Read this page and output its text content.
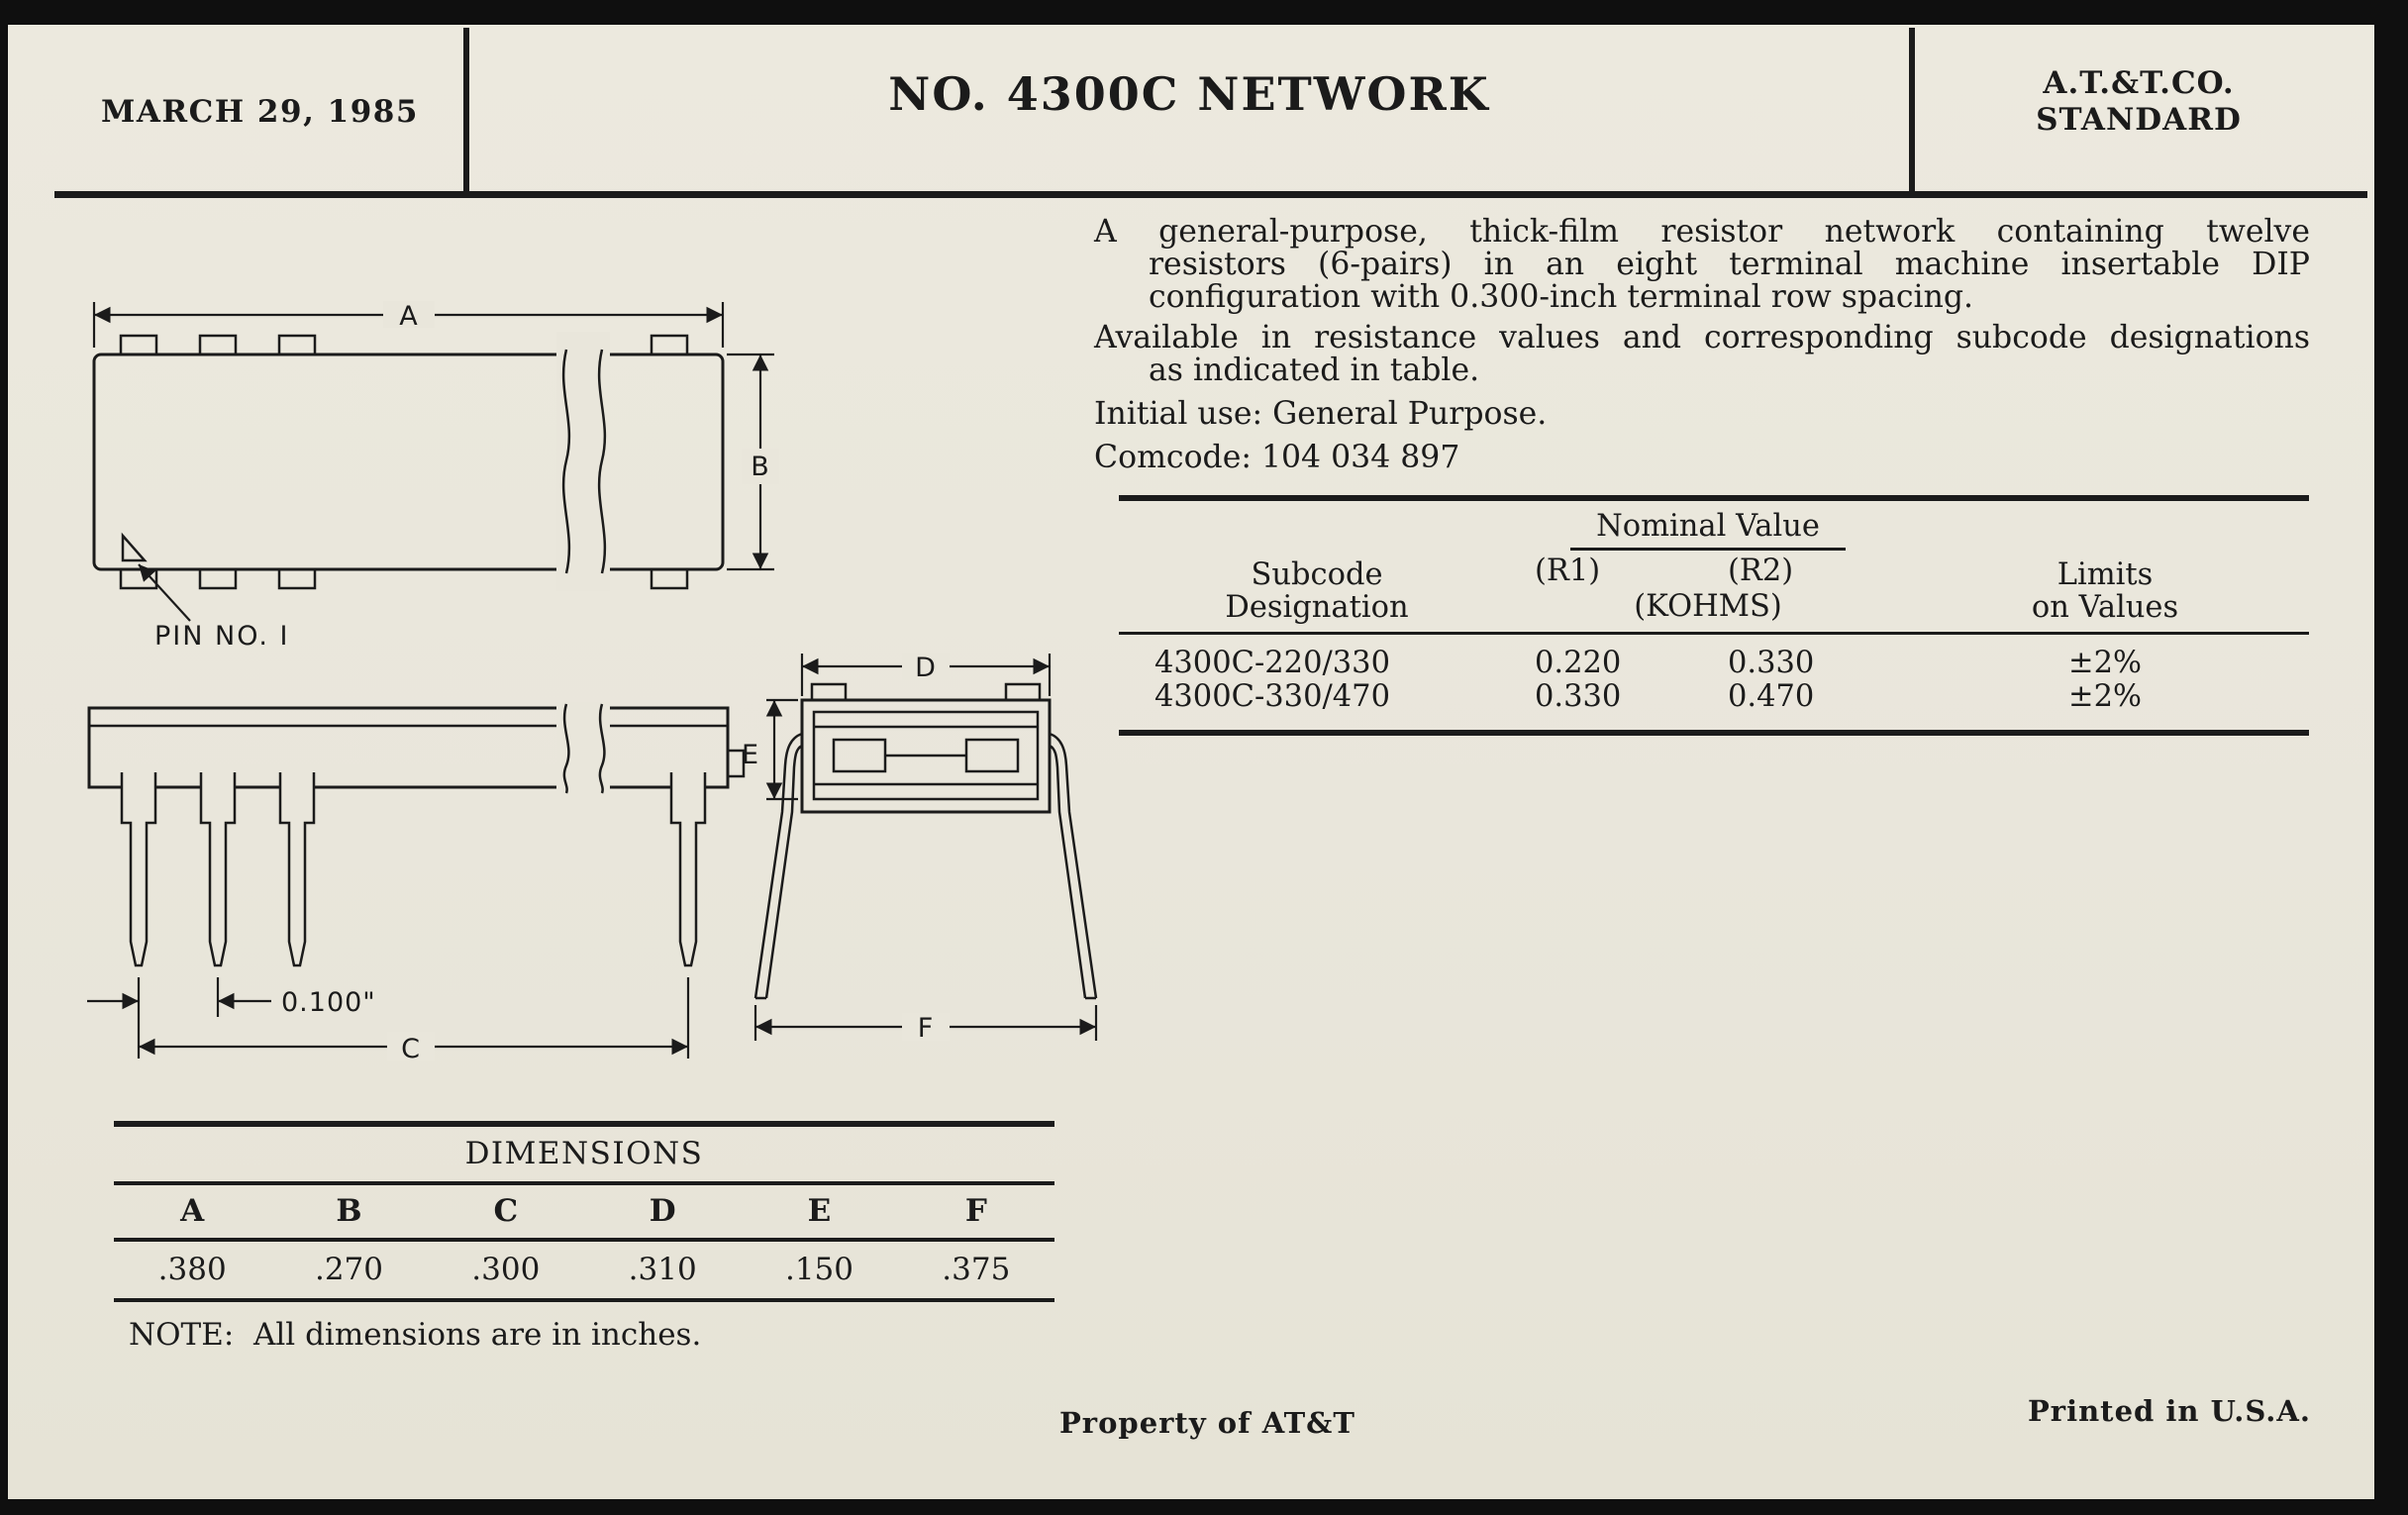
MARCH 29, 1985	NO. 4300C NETWORK	A.T.&T.CO.
STANDARD
A general-purpose, thick-film resistor network containing twelve
resistors (6-pairs) in an eight terminal machine insertable DIP
configuration with 0.300-inch terminal row spacing.
Available in resistance values and corresponding subcode designations
as indicated in table.
Initial use: General Purpose.
Comcode: 104 034 897
Subcode
Designation
Nominal Value
(R1)	(R2)
(KOHMS)
Limits
on Values
4300C-220/330	0.220	0.330	±2%
4300C-330/470	0.330	0.470	±2%
A
B
PIN NO. I
0.100"
C
D
E
F
DIMENSIONS
A	B	C	D	E	F
.380	.270	.300	.310	.150	.375
NOTE:  All dimensions are in inches.
Property of AT&T	Printed in U.S.A.
